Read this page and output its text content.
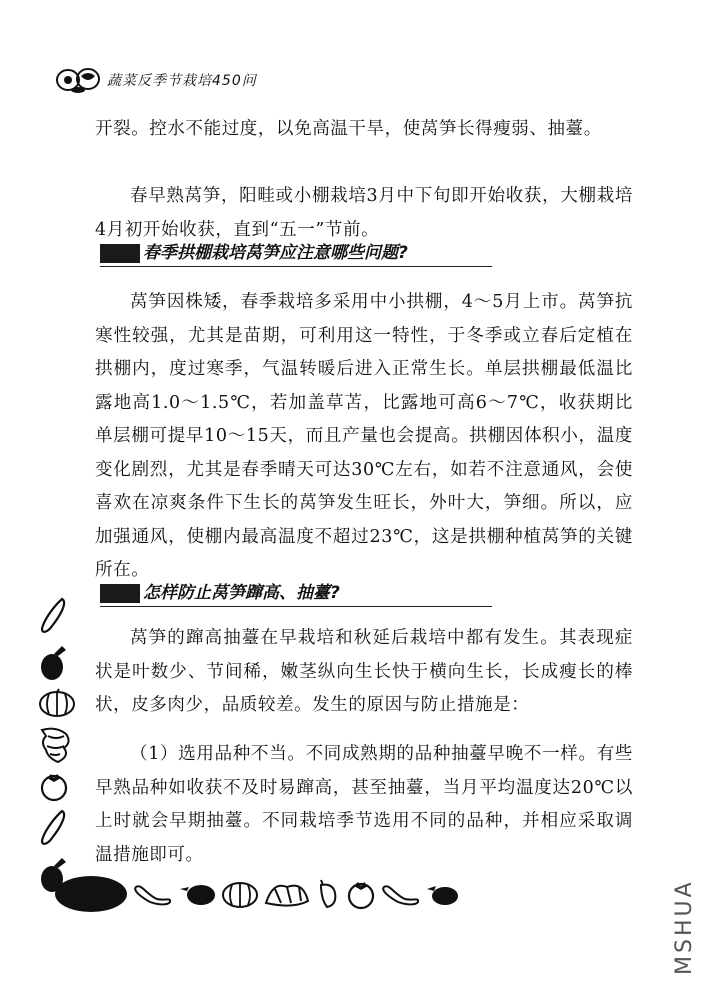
蔬菜反季节栽培450问

开裂。控水不能过度，以免高温干旱，使莴笋长得瘦弱、抽薹。

春早熟莴笋，阳畦或小棚栽培3月中下旬即开始收获，大棚栽培4月初开始收获，直到“五一”节前。

春季拱棚栽培莴笋应注意哪些问题?

莴笋因株矮，春季栽培多采用中小拱棚，4～5月上市。莴笋抗寒性较强，尤其是苗期，可利用这一特性，于冬季或立春后定植在拱棚内，度过寒季，气温转暖后进入正常生长。单层拱棚最低温比露地高1.0～1.5℃，若加盖草苫，比露地可高6～7℃，收获期比单层棚可提早10～15天，而且产量也会提高。拱棚因体积小，温度变化剧烈，尤其是春季晴天可达30℃左右，如若不注意通风，会使喜欢在凉爽条件下生长的莴笋发生旺长，外叶大，笋细。所以，应加强通风，使棚内最高温度不超过23℃，这是拱棚种植莴笋的关键所在。

怎样防止莴笋蹿高、抽薹?

莴笋的蹿高抽薹在早栽培和秋延后栽培中都有发生。其表现症状是叶数少、节间稀，嫩茎纵向生长快于横向生长，长成瘦长的棒状，皮多肉少，品质较差。发生的原因与防止措施是：

（1）选用品种不当。不同成熟期的品种抽薹早晚不一样。有些早熟品种如收获不及时易蹿高，甚至抽薹，当月平均温度达20℃以上时就会早期抽薹。不同栽培季节选用不同的品种，并相应采取调温措施即可。

MSHUA
